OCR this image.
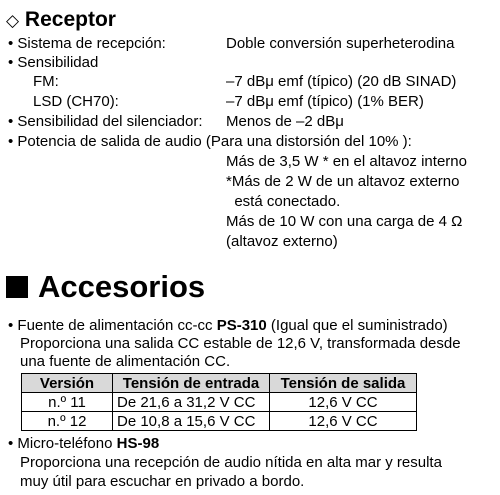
◇ Receptor
• Sistema de recepción:	Doble conversión superheterodina
• Sensibilidad
FM:	–7 dBμ emf (típico) (20 dB SINAD)
LSD (CH70):	–7 dBμ emf (típico) (1% BER)
• Sensibilidad del silenciador: Menos de –2 dBμ
• Potencia de salida de audio (Para una distorsión del 10% ):
Más de 3,5 W * en el altavoz interno
*Más de 2 W de un altavoz externo
está conectado.
Más de 10 W con una carga de 4 Ω
(altavoz externo)
Accesorios
• Fuente de alimentación cc-cc PS-310 (Igual que el suministrado)
Proporciona una salida CC estable de 12,6 V, transformada desde
una fuente de alimentación CC.
Versión	Tensión de entrada	Tensión de salida
n.º 11	De 21,6 a 31,2 V CC	12,6 V CC
n.º 12	De 10,8 a 15,6 V CC	12,6 V CC
• Micro-teléfono HS-98
Proporciona una recepción de audio nítida en alta mar y resulta
muy útil para escuchar en privado a bordo.
